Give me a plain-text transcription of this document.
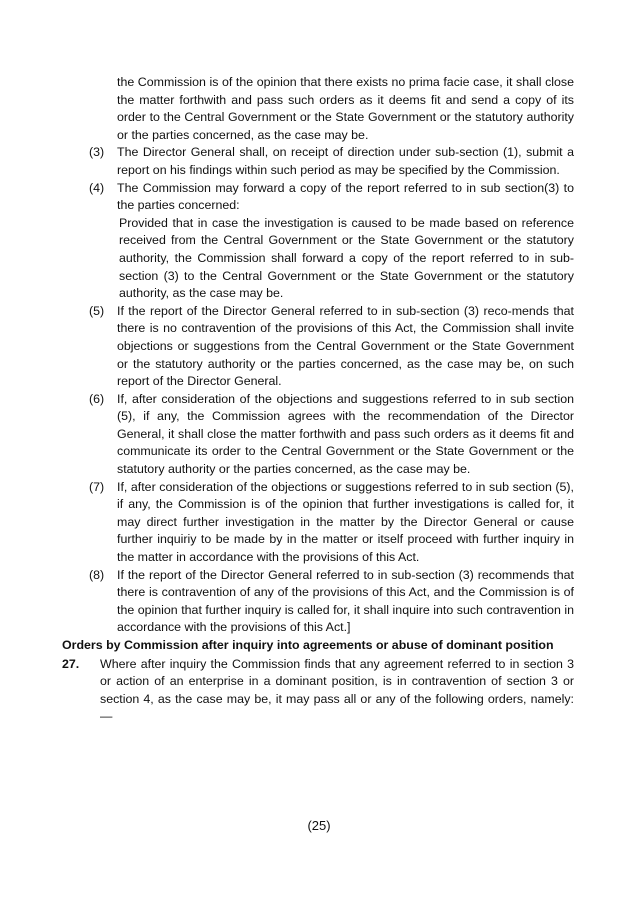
the Commission is of the opinion that there exists no prima facie case, it shall close the matter forthwith and pass such orders as it deems fit and send a copy of its order to the Central Government or the State Government or the statutory authority or the parties concerned, as the case may be.

(3) The Director General shall, on receipt of direction under sub-section (1), submit a report on his findings within such period as may be specified by the Commission.

(4) The Commission may forward a copy of the report referred to in sub section(3) to the parties concerned:

Provided that in case the investigation is caused to be made based on reference received from the Central Government or the State Government or the statutory authority, the Commission shall forward a copy of the report referred to in sub- section (3) to the Central Government or the State Government or the statutory authority, as the case may be.

(5) If the report of the Director General referred to in sub-section (3) reco-mends that there is no contravention of the provisions of this Act, the Commission shall invite objections or suggestions from the Central Government or the State Government or the statutory authority or the parties concerned, as the case may be, on such report of the Director General.

(6) If, after consideration of the objections and suggestions referred to in sub section (5), if any, the Commission agrees with the recommendation of the Director General, it shall close the matter forthwith and pass such orders as it deems fit and communicate its order to the Central Government or the State Government or the statutory authority or the parties concerned, as the case may be.

(7) If, after consideration of the objections or suggestions referred to in sub section (5), if any, the Commission is of the opinion that further investigations is called for, it may direct further investigation in the matter by the Director General or cause further inquiriy to be made by in the matter or itself proceed with further inquiry in the matter in accordance with the provisions of this Act.

(8) If the report of the Director General referred to in sub-section (3) recommends that there is contravention of any of the provisions of this Act, and the Commission is of the opinion that further inquiry is called for, it shall inquire into such contravention in accordance with the provisions of this Act.]

Orders by Commission after inquiry into agreements or abuse of dominant position

27. Where after inquiry the Commission finds that any agreement referred to in section 3 or action of an enterprise in a dominant position, is in contravention of section 3 or section 4, as the case may be, it may pass all or any of the following orders, namely:—

(25)
